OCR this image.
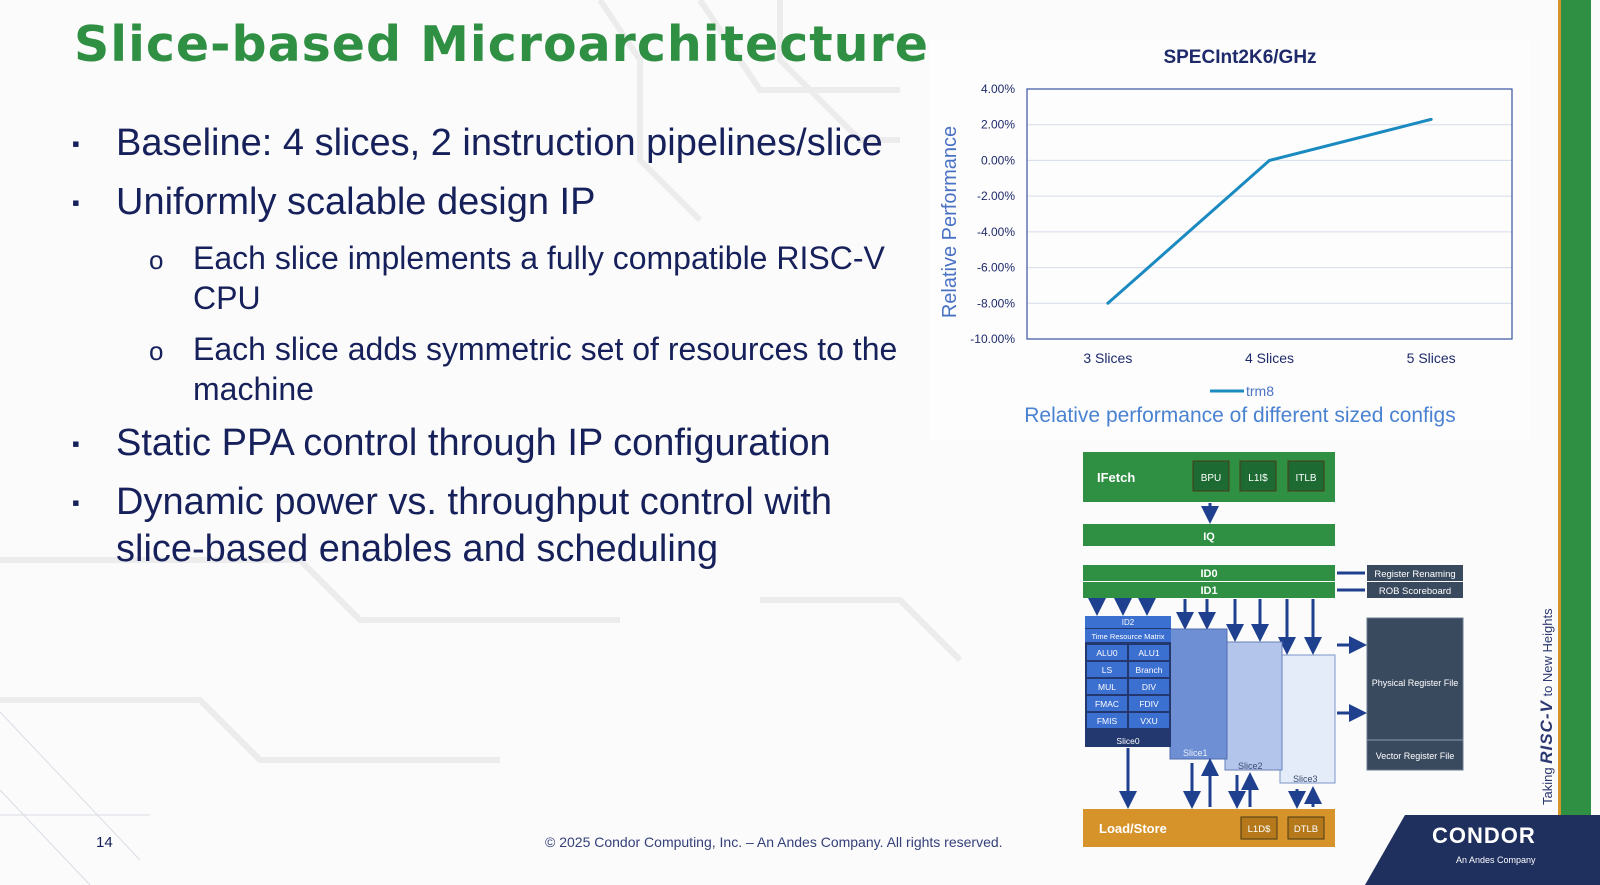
Slice-based Microarchitecture
▪ Baseline: 4 slices, 2 instruction pipelines/slice
▪ Uniformly scalable design IP
o Each slice implements a fully compatible RISC-V CPU
o Each slice adds symmetric set of resources to the machine
▪ Static PPA control through IP configuration
▪ Dynamic power vs. throughput control with slice-based enables and scheduling
SPECInt2K6/GHz
4.00%
2.00%
0.00%
-2.00%
-4.00%
-6.00%
-8.00%
-10.00%
3 Slices	4 Slices	5 Slices
Relative Performance
trm8
Relative performance of different sized configs
IFetch	BPU	L1I$	ITLB
IQ
ID0
ID1
Register Renaming
ROB Scoreboard
Slice3
Slice2
Slice1
ID2
Time Resource Matrix
ALU0 ALU1
LS	Branch
MUL	DIV
FMAC FDIV
FMIS	VXU
Slice0
Physical Register File
Vector Register File
Load/Store	L1D$ DTLB
Taking RISC-V to New Heights
CONDOR
An Andes Company
14	© 2025 Condor Computing, Inc. – An Andes Company. All rights reserved.
